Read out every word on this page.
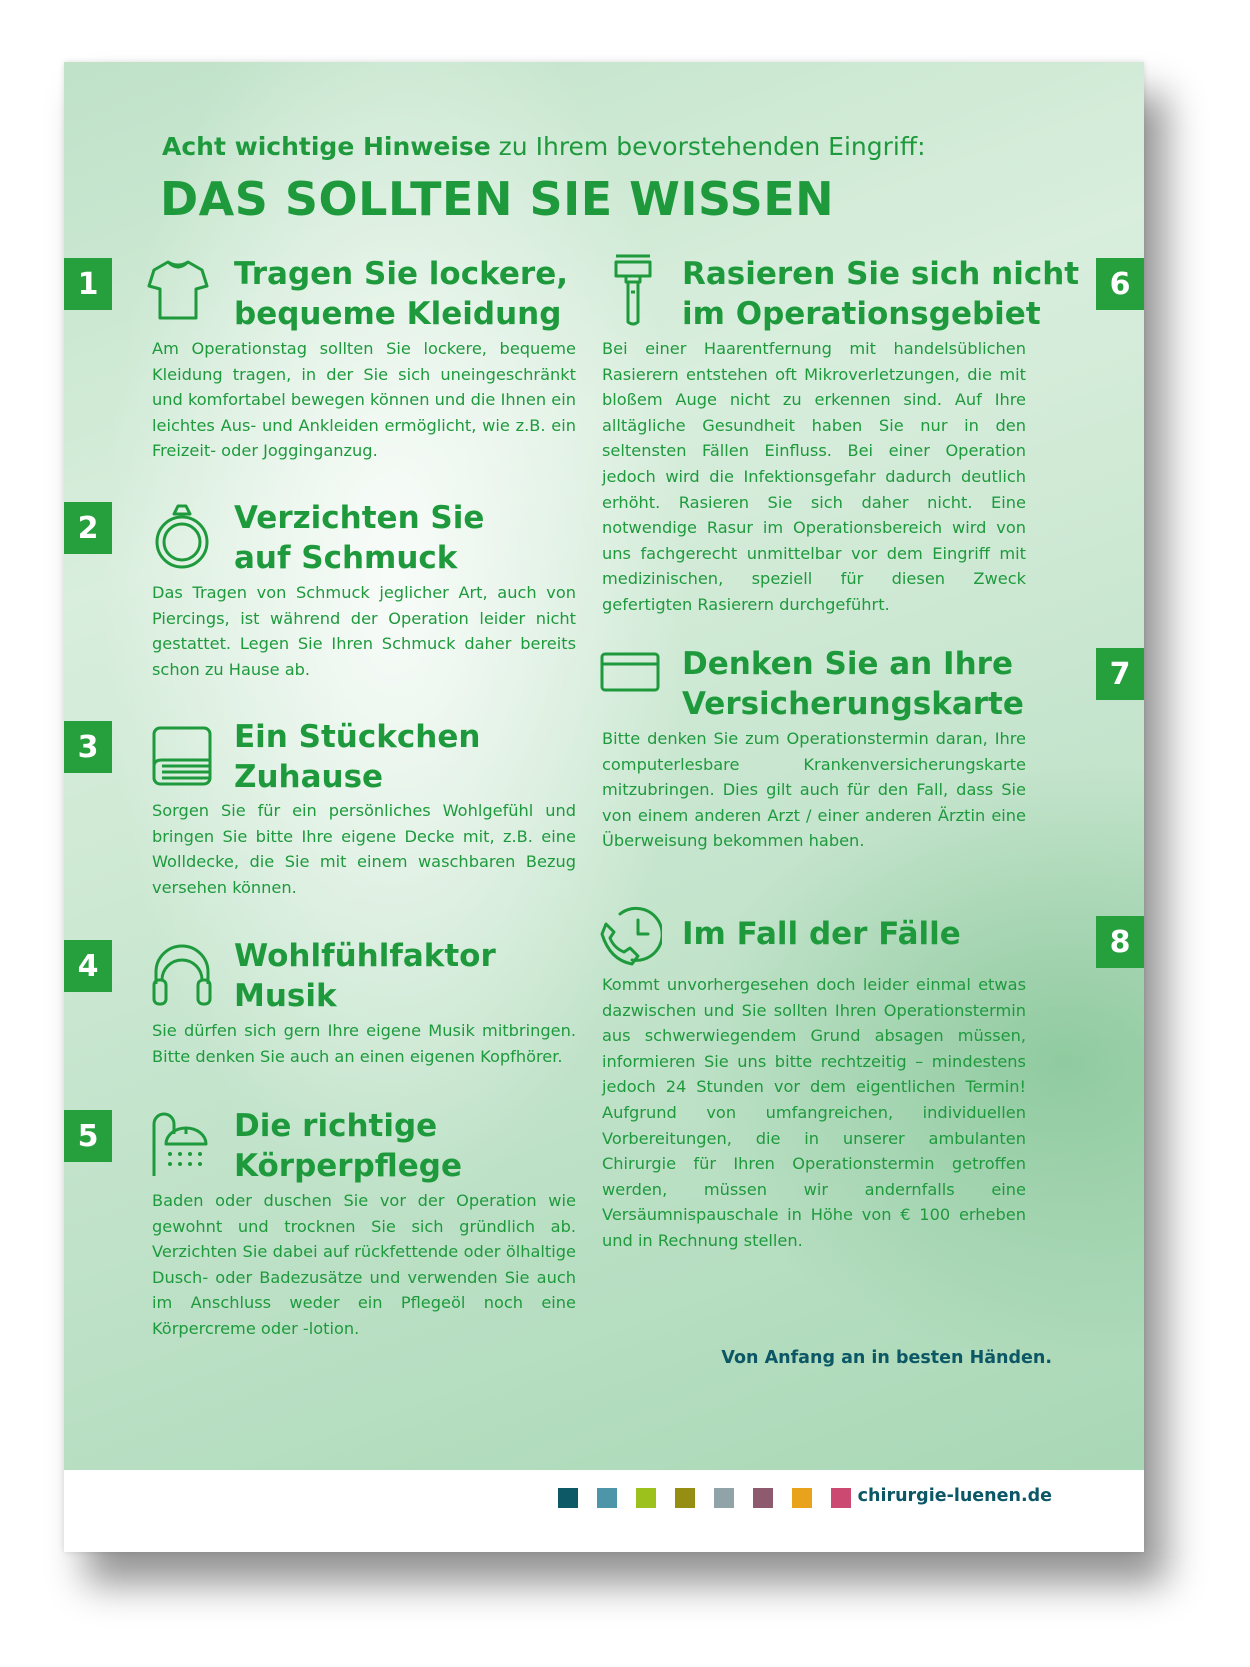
Acht wichtige Hinweise zu Ihrem bevorstehenden Eingriff:
DAS SOLLTEN SIE WISSEN
1	Tragen Sie lockere,
bequeme Kleidung
Am Operationstag sollten Sie lockere, bequeme Kleidung tragen, in der Sie sich uneingeschränkt und komfortabel bewegen können und die Ihnen ein leichtes Aus- und Ankleiden ermöglicht, wie z.B. ein Freizeit- oder Jogginganzug.
2	Verzichten Sie
auf Schmuck
Das Tragen von Schmuck jeglicher Art, auch von Piercings, ist während der Operation leider nicht gestattet. Legen Sie Ihren Schmuck daher bereits schon zu Hause ab.
3	Ein Stückchen
Zuhause
Sorgen Sie für ein persönliches Wohlgefühl und bringen Sie bitte Ihre eigene Decke mit, z.B. eine Wolldecke, die Sie mit einem waschbaren Bezug versehen können.
4	Wohlfühlfaktor
Musik
Sie dürfen sich gern Ihre eigene Musik mitbringen. Bitte denken Sie auch an einen eigenen Kopfhörer.
5	Die richtige
Körperpflege
Baden oder duschen Sie vor der Operation wie gewohnt und trocknen Sie sich gründlich ab. Verzichten Sie dabei auf rückfettende oder ölhaltige Dusch- oder Badezusätze und verwenden Sie auch im Anschluss weder ein Pflegeöl noch eine Körpercreme oder -lotion.
6
Rasieren Sie sich nicht
im Operationsgebiet
Bei einer Haarentfernung mit handelsüblichen Rasierern entstehen oft Mikroverletzungen, die mit bloßem Auge nicht zu erkennen sind. Auf Ihre alltägliche Gesundheit haben Sie nur in den seltensten Fällen Einfluss. Bei einer Operation jedoch wird die Infektionsgefahr dadurch deutlich erhöht. Rasieren Sie sich daher nicht. Eine notwendige Rasur im Operationsbereich wird von uns fachgerecht unmittelbar vor dem Eingriff mit medizinischen, speziell für diesen Zweck gefertigten Rasierern durchgeführt.
7
Denken Sie an Ihre
Versicherungskarte
Bitte denken Sie zum Operationstermin daran, Ihre computerlesbare Krankenversicherungskarte mitzubringen. Dies gilt auch für den Fall, dass Sie von einem anderen Arzt / einer anderen Ärztin eine Überweisung bekommen haben.
8
Im Fall der Fälle
Kommt unvorhergesehen doch leider einmal etwas dazwischen und Sie sollten Ihren Operationstermin aus schwerwiegendem Grund absagen müssen, informieren Sie uns bitte rechtzeitig – mindestens jedoch 24 Stunden vor dem eigentlichen Termin! Aufgrund von umfangreichen, individuellen Vorbereitungen, die in unserer ambulanten Chirurgie für Ihren Operationstermin getroffen werden, müssen wir andernfalls eine Versäumnispauschale in Höhe von € 100 erheben und in Rechnung stellen.
Von Anfang an in besten Händen.
chirurgie-luenen.de
